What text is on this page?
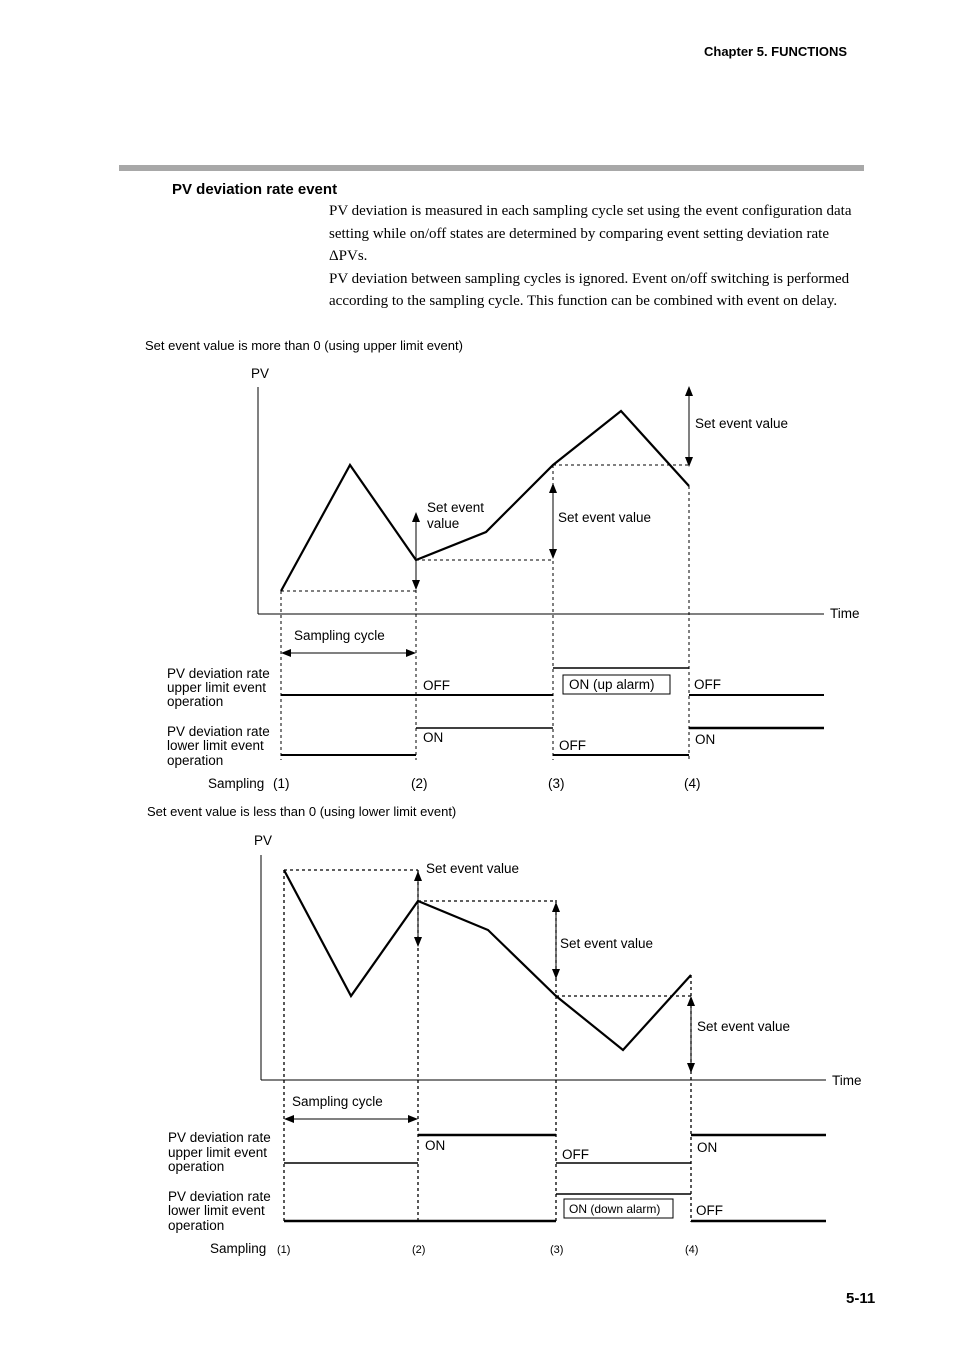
Chapter 5. FUNCTIONS
PV deviation rate event

PV deviation is measured in each sampling cycle set using the event configuration data setting while on/off states are determined by comparing event setting deviation rate ΔPVs.

PV deviation between sampling cycles is ignored. Event on/off switching is performed according to the sampling cycle. This function can be combined with event on delay.

Set event value is more than 0 (using upper limit event)
Set event value is less than 0 (using lower limit event)
PV
Time
Set event
value	Set event value
Set event value
Sampling cycle
PV deviation rate
upper limit event
operation
PV deviation rate
lower limit event
operation
OFF	ON (up alarm)	OFF
ON
OFF	ON
Sampling (1)	(2)	(3)	(4)
PV
Time
Set event value
Set event value
Set event value
Sampling cycle
PV deviation rate
upper limit event
operation
PV deviation rate
lower limit event
operation
ON
OFF	ON
ON (down alarm)	OFF
Sampling (1)	(2)	(3)	(4)
5-11
